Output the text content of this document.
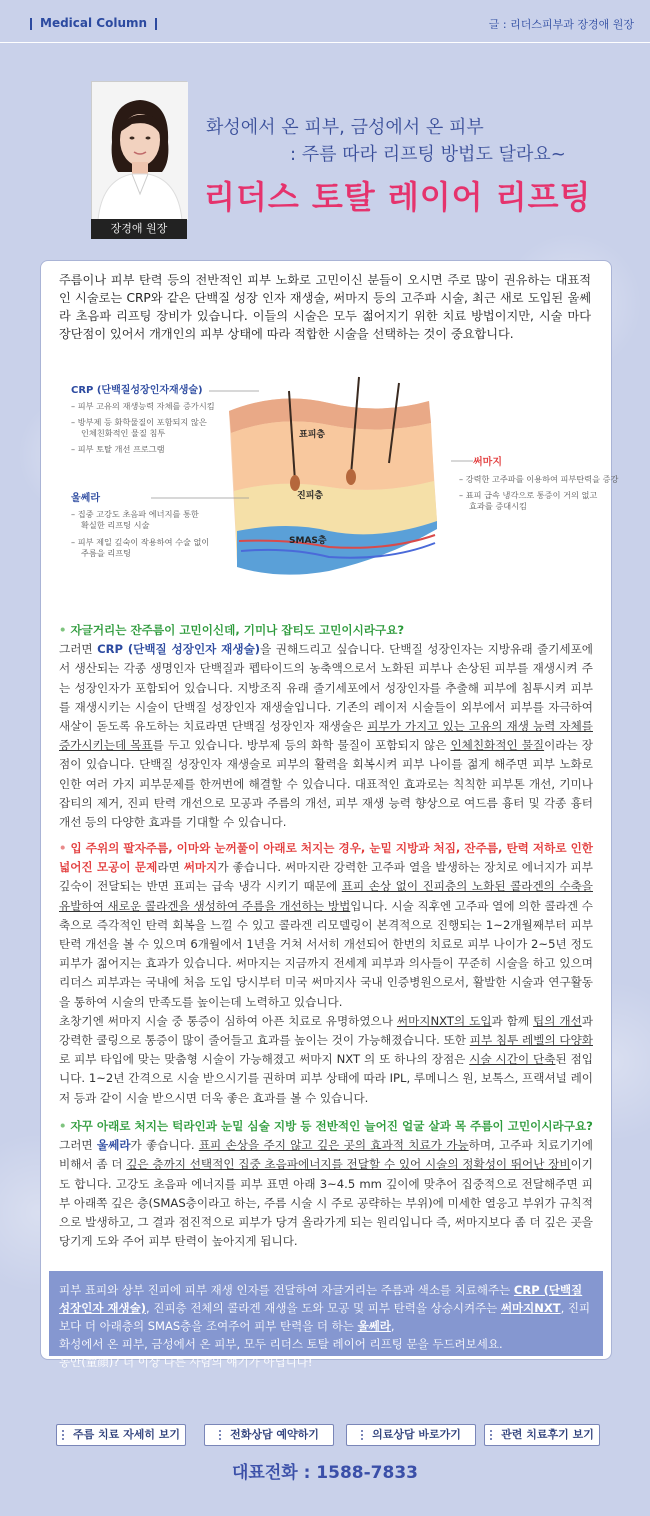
Medical Column	글 : 리더스피부과 장경애 원장
장경애 원장
화성에서 온 피부, 금성에서 온 피부
: 주름 따라 리프팅 방법도 달라요~
리더스 토탈 레이어 리프팅

주름이나 피부 탄력 등의 전반적인 피부 노화로 고민이신 분들이 오시면 주로 많이 권유하는 대표적인 시술로는 CRP와 같은 단백질 성장 인자 재생술, 써마지 등의 고주파 시술, 최근 새로 도입된 울쎄라 초음파 리프팅 장비가 있습니다. 이들의 시술은 모두 젊어지기 위한 치료 방법이지만, 시술 마다 장단점이 있어서 개개인의 피부 상태에 따라 적합한 시술을 선택하는 것이 중요합니다.

CRP (단백질성장인자재생술)
– 피부 고유의 재생능력 자체를 증가시킴
– 방부제 등 화학물질이 포함되지 않은
인체친화적인 물질 침투
– 피부 토탈 개선 프로그램
울쎄라
– 집중 고강도 초음파 에너지를 통한
확실한 리프팅 시술
– 피부 제일 깊숙이 작용하여 수술 없이
주름을 리프팅
써마지
– 강력한 고주파를 이용하여 피부탄력을 증강
– 표피 급속 냉각으로 통증이 거의 없고
효과를 증대시킴
표피층
진피층
SMAS층
• 자글거리는 잔주름이 고민이신데, 기미나 잡티도 고민이시라구요?
그러면 CRP (단백질 성장인자 재생술)을 권해드리고 싶습니다. 단백질 성장인자는 지방유래 줄기세포에서 생산되는 각종 생명인자 단백질과 펩타이드의 농축액으로서 노화된 피부나 손상된 피부를 재생시켜 주는 성장인자가 포함되어 있습니다. 지방조직 유래 줄기세포에서 성장인자를 추출해 피부에 침투시켜 피부를 재생시키는 시술이 단백질 성장인자 재생술입니다. 기존의 레이저 시술들이 외부에서 피부를 자극하여 새살이 돋도록 유도하는 치료라면 단백질 성장인자 재생술은 피부가 가지고 있는 고유의 재생 능력 자체를 증가시키는데 목표를 두고 있습니다. 방부제 등의 화학 물질이 포함되지 않은 인체친화적인 물질이라는 장점이 있습니다. 단백질 성장인자 재생술로 피부의 활력을 회복시켜 피부 나이를 젊게 해주면 피부 노화로 인한 여러 가지 피부문제를 한꺼번에 해결할 수 있습니다. 대표적인 효과로는 칙칙한 피부톤 개선, 기미나 잡티의 제거, 진피 탄력 개선으로 모공과 주름의 개선, 피부 재생 능력 향상으로 여드름 흉터 및 각종 흉터 개선 등의 다양한 효과를 기대할 수 있습니다.
• 입 주위의 팔자주름, 이마와 눈꺼풀이 아래로 처지는 경우, 눈밑 지방과 처짐, 잔주름, 탄력 저하로 인한 넓어진 모공이 문제라면 써마지가 좋습니다. 써마지란 강력한 고주파 열을 발생하는 장치로 에너지가 피부 깊숙이 전달되는 반면 표피는 급속 냉각 시키기 때문에 표피 손상 없이 진피층의 노화된 콜라겐의 수축을 유발하여 새로운 콜라겐을 생성하여 주름을 개선하는 방법입니다. 시술 직후엔 고주파 열에 의한 콜라겐 수축으로 즉각적인 탄력 회복을 느낄 수 있고 콜라겐 리모델링이 본격적으로 진행되는 1~2개월째부터 피부탄력 개선을 볼 수 있으며 6개월에서 1년을 거쳐 서서히 개선되어 한번의 치료로 피부 나이가 2~5년 정도 피부가 젊어지는 효과가 있습니다. 써마지는 지금까지 전세계 피부과 의사들이 꾸준히 시술을 하고 있으며 리더스 피부과는 국내에 처음 도입 당시부터 미국 써마지사 국내 인증병원으로서, 활발한 시술과 연구활동을 통하여 시술의 만족도를 높이는데 노력하고 있습니다.
초창기엔 써마지 시술 중 통증이 심하여 아픈 치료로 유명하였으나 써마지NXT의 도입과 함께 팁의 개선과 강력한 쿨링으로 통증이 많이 줄어들고 효과를 높이는 것이 가능해졌습니다. 또한 피부 침투 레벨의 다양화로 피부 타입에 맞는 맞춤형 시술이 가능해졌고 써마지 NXT 의 또 하나의 장점은 시술 시간이 단축된 점입니다. 1~2년 간격으로 시술 받으시기를 권하며 피부 상태에 따라 IPL, 루메니스 원, 보톡스, 프랙셔널 레이저 등과 같이 시술 받으시면 더욱 좋은 효과를 볼 수 있습니다.
• 자꾸 아래로 처지는 턱라인과 눈밑 심술 지방 등 전반적인 늘어진 얼굴 살과 목 주름이 고민이시라구요?
그러면 울쎄라가 좋습니다. 표피 손상을 주지 않고 깊은 곳의 효과적 치료가 가능하며, 고주파 치료기기에 비해서 좀 더 깊은 층까지 선택적인 집중 초음파에너지를 전달할 수 있어 시술의 정확성이 뛰어난 장비이기도 합니다. 고강도 초음파 에너지를 피부 표면 아래 3~4.5 mm 깊이에 맞추어 집중적으로 전달해주면 피부 아래쪽 깊은 층(SMAS층이라고 하는, 주름 시술 시 주로 공략하는 부위)에 미세한 열응고 부위가 규칙적으로 발생하고, 그 결과 점진적으로 피부가 당겨 올라가게 되는 원리입니다 즉, 써마지보다 좀 더 깊은 곳을 당기게 도와 주어 피부 탄력이 높아지게 됩니다.
피부 표피와 상부 진피에 피부 재생 인자를 전달하여 자글거리는 주름과 색소를 치료해주는 CRP (단백질 성장인자 재생술), 진피층 전체의 콜라겐 재생을 도와 모공 및 피부 탄력을 상승시켜주는 써마지NXT, 진피보다 더 아래층의 SMAS층을 조여주어 피부 탄력을 더 하는 울쎄라,
화성에서 온 피부, 금성에서 온 피부, 모두 리더스 토탈 레이어 리프팅 문을 두드려보세요.
동안(童顔)? 더 이상 다른 사람의 얘기가 아닙니다!
주름 치료 자세히 보기	전화상담 예약하기	의료상담 바로가기	관련 치료후기 보기
대표전화 : 1588-7833
